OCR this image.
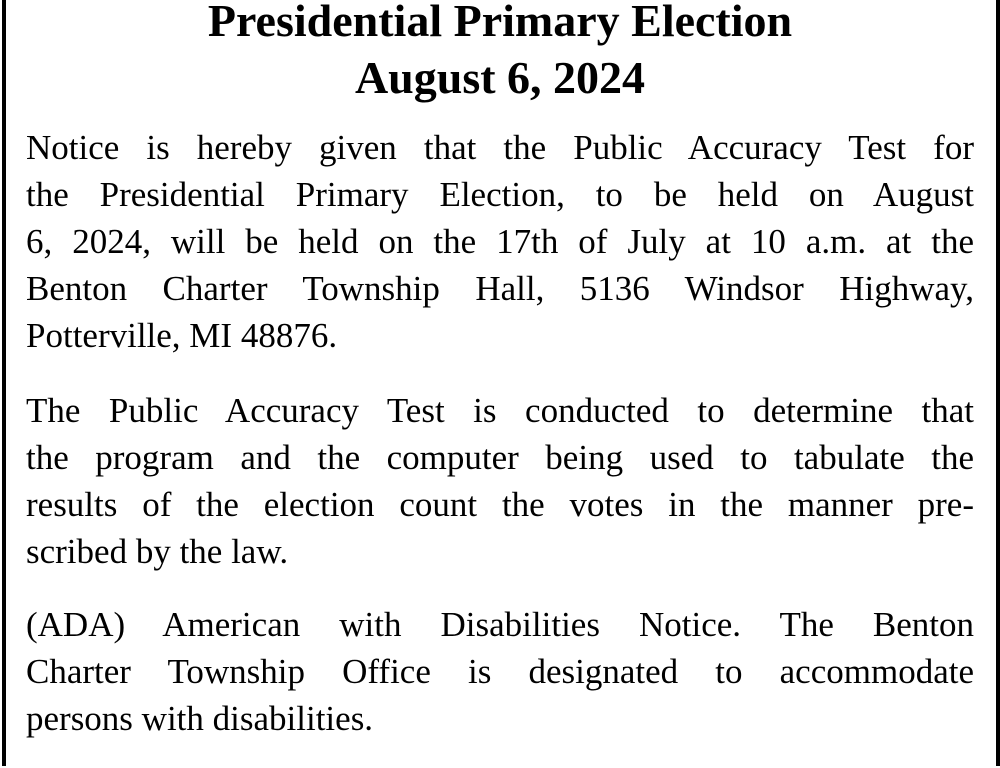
Presidential Primary Election
August 6, 2024

Notice is hereby given that the Public Accuracy Test for
the Presidential Primary Election, to be held on August
6, 2024, will be held on the 17th of July at 10 a.m. at the
Benton Charter Township Hall, 5136 Windsor Highway,
Potterville, MI 48876.

The Public Accuracy Test is conducted to determine that
the program and the computer being used to tabulate the
results of the election count the votes in the manner pre-
scribed by the law.

(ADA) American with Disabilities Notice. The Benton
Charter Township Office is designated to accommodate
persons with disabilities.
